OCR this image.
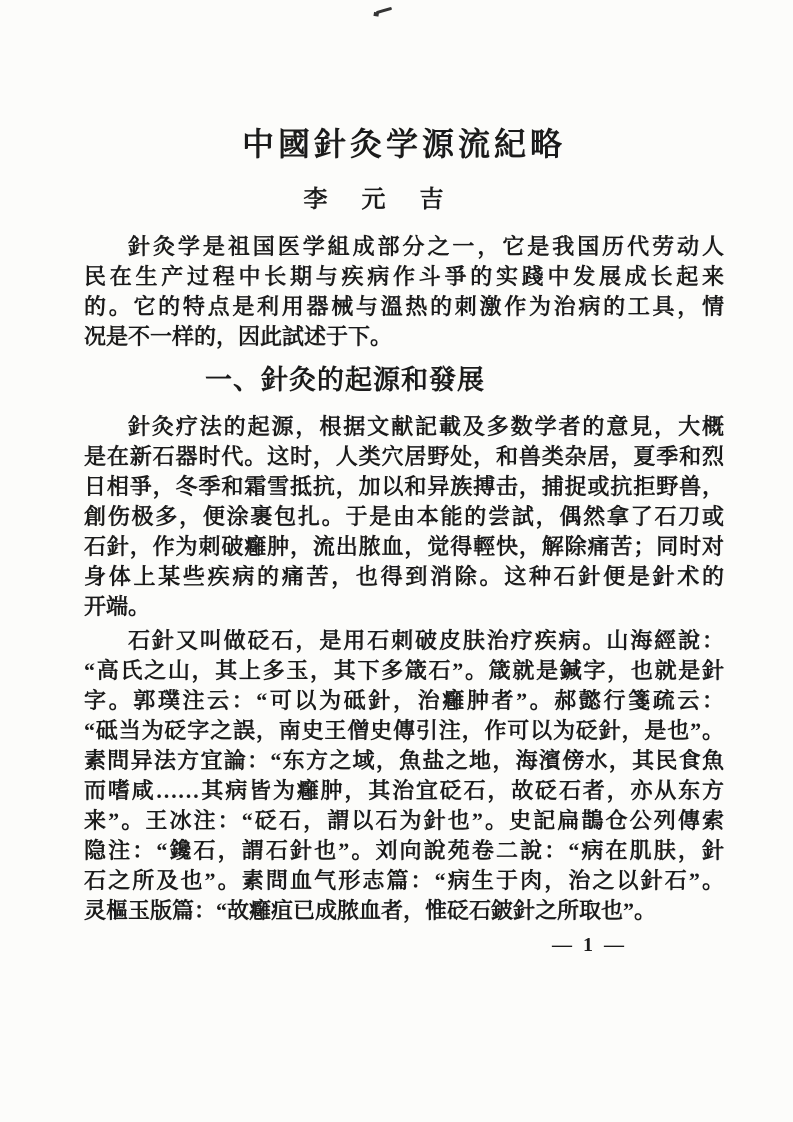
中國針灸学源流紀略
李　元　吉
針灸学是祖国医学組成部分之一，它是我国历代劳动人
民在生产过程中长期与疾病作斗爭的实踐中发展成长起来
的。它的特点是利用器械与溫热的刺激作为治病的工具，情
况是不一样的，因此試述于下。
一、針灸的起源和發展
針灸疗法的起源，根据文献記載及多数学者的意見，大概
是在新石器时代。这时，人类穴居野处，和兽类杂居，夏季和烈
日相爭，冬季和霜雪抵抗，加以和异族搏击，捕捉或抗拒野兽，
創伤极多，便涂裹包扎。于是由本能的尝試，偶然拿了石刀或
石針，作为刺破癰肿，流出脓血，觉得輕快，解除痛苦；同时对
身体上某些疾病的痛苦，也得到消除。这种石針便是針术的
开端。
石針又叫做砭石，是用石刺破皮肤治疗疾病。山海經說：
“高氏之山，其上多玉，其下多箴石”。箴就是鍼字，也就是針
字。郭璞注云：“可以为砥針，治癰肿者”。郝懿行箋疏云：
“砥当为砭字之誤，南史王僧史傳引注，作可以为砭針，是也”。
素問异法方宜論：“东方之域，魚盐之地，海濱傍水，其民食魚
而嗜咸……其病皆为癰肿，其治宜砭石，故砭石者，亦从东方
来”。王冰注：“砭石，謂以石为針也”。史記扁鵲仓公列傳索
隐注：“鑱石，謂石針也”。刘向說苑卷二說：“病在肌肤，針
石之所及也”。素問血气形志篇：“病生于肉，治之以針石”。
灵樞玉版篇：“故癰疽已成脓血者，惟砭石鈹針之所取也”。
— 1 —
